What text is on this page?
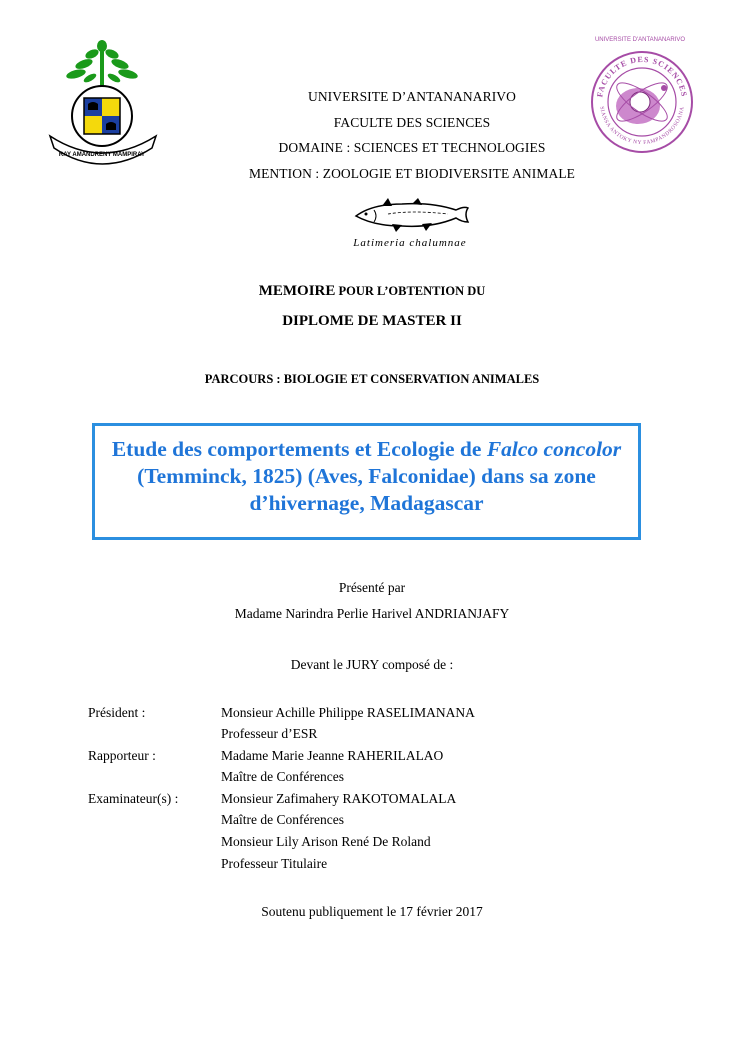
RAY AMANDRENY MAMPIRAY
UNIVERSITE D'ANTANANARIVO
FACULTE DES SCIENCES
SIANSA ANTOKY NY FAMPANDROSOANA
UNIVERSITE D’ANTANANARIVO
FACULTE DES SCIENCES
DOMAINE : SCIENCES ET TECHNOLOGIES
MENTION : ZOOLOGIE ET BIODIVERSITE ANIMALE
Latimeria chalumnae
MEMOIRE POUR L’OBTENTION DU
DIPLOME DE MASTER II
PARCOURS : BIOLOGIE ET CONSERVATION ANIMALES
Etude des comportements et Ecologie de Falco concolor (Temminck, 1825) (Aves, Falconidae) dans sa zone d’hivernage, Madagascar
Présenté par
Madame Narindra Perlie Harivel ANDRIANJAFY
Devant le JURY composé de :
Président :	Monsieur Achille Philippe RASELIMANANA
Professeur d’ESR
Rapporteur :	Madame Marie Jeanne RAHERILALAO
Maître de Conférences
Examinateur(s) :	Monsieur Zafimahery RAKOTOMALALA
Maître de Conférences
Monsieur Lily Arison René De Roland
Professeur Titulaire
Soutenu publiquement le 17 février 2017
